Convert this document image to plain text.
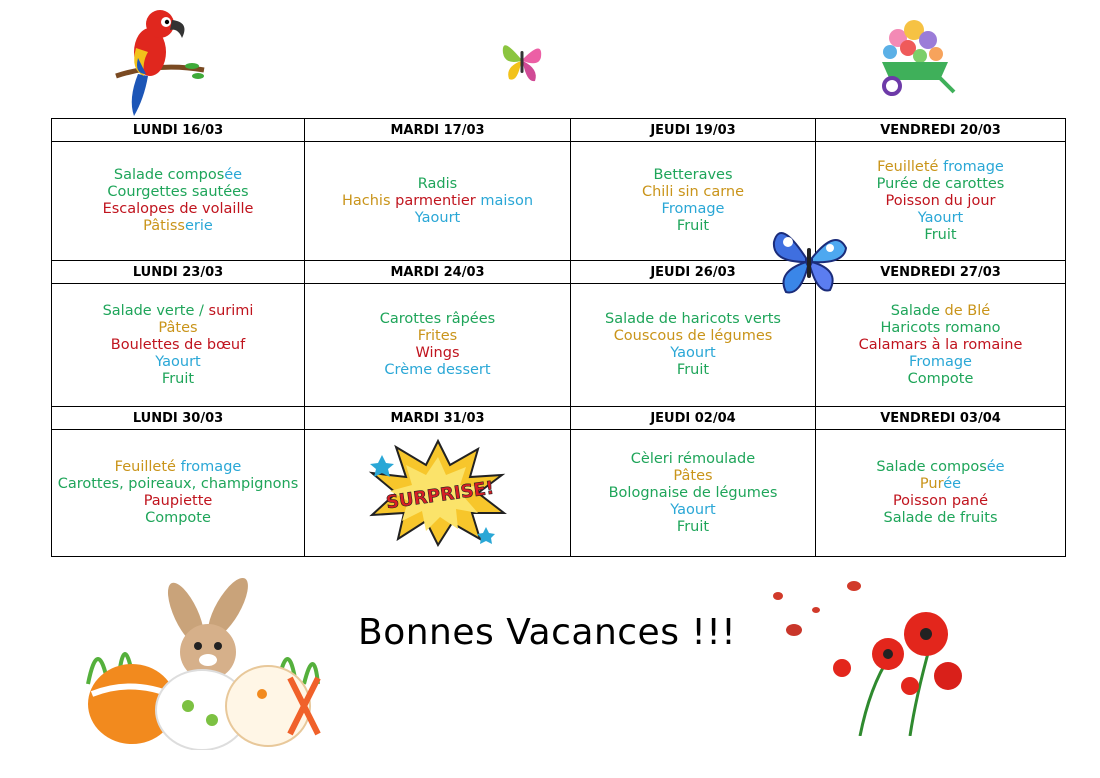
LUNDI 16/03	MARDI 17/03	JEUDI 19/03	VENDREDI 20/03

Salade composée
Courgettes sautées
Escalopes de volaille
Pâtisserie	Radis
Hachis parmentier maison
Yaourt	Betteraves
Chili sin carne
Fromage
Fruit	Feuilleté fromage
Purée de carottes
Poisson du jour
Yaourt
Fruit

LUNDI 23/03	MARDI 24/03	JEUDI 26/03	VENDREDI 27/03

Salade verte / surimi
Pâtes
Boulettes de bœuf
Yaourt
Fruit	Carottes râpées
Frites
Wings
Crème dessert	Salade de haricots verts
Couscous de légumes
Yaourt
Fruit	Salade de Blé
Haricots romano
Calamars à la romaine
Fromage
Compote

LUNDI 30/03	MARDI 31/03	JEUDI 02/04	VENDREDI 03/04

Feuilleté fromage
Carottes, poireaux, champignons
Paupiette
Compote	SURPRISE!	Cèleri rémoulade
Pâtes
Bolognaise de légumes
Yaourt
Fruit	Salade composée
Purée
Poisson pané
Salade de fruits
Bonnes Vacances !!!
